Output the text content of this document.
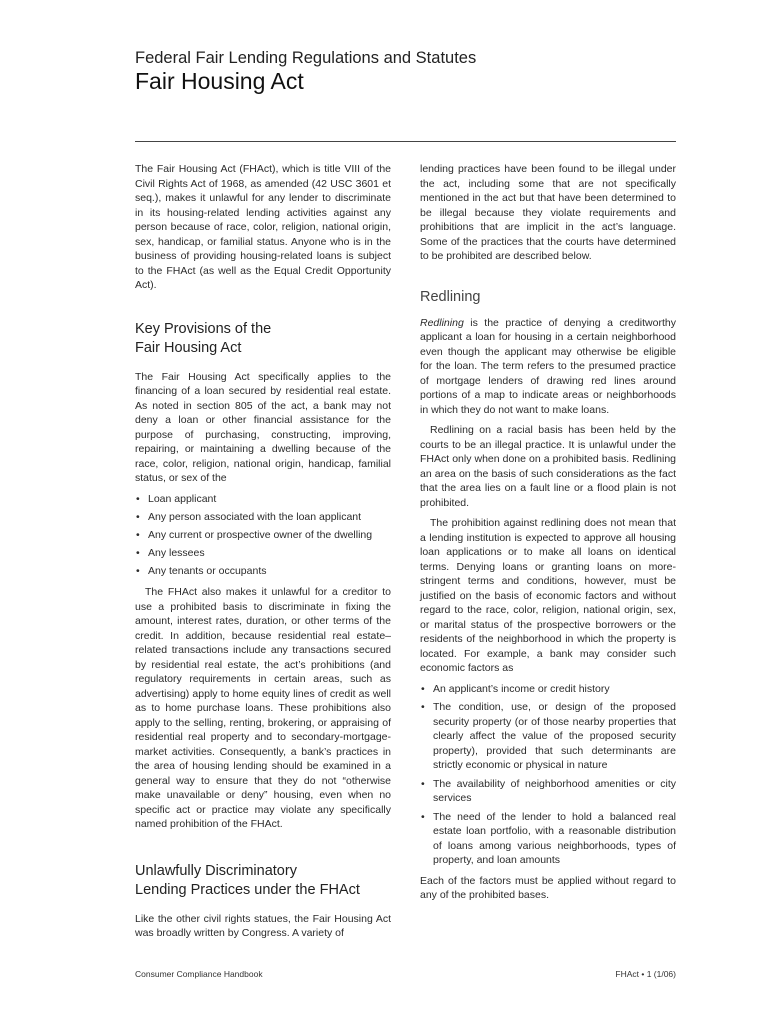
Federal Fair Lending Regulations and Statutes
Fair Housing Act

The Fair Housing Act (FHAct), which is title VIII of the Civil Rights Act of 1968, as amended (42 USC 3601 et seq.), makes it unlawful for any lender to discriminate in its housing-related lending activities against any person because of race, color, religion, national origin, sex, handicap, or familial status. Anyone who is in the business of providing housing-related loans is subject to the FHAct (as well as the Equal Credit Opportunity Act).

Key Provisions of the
Fair Housing Act

The Fair Housing Act specifically applies to the financing of a loan secured by residential real estate. As noted in section 805 of the act, a bank may not deny a loan or other financial assistance for the purpose of purchasing, constructing, improving, repairing, or maintaining a dwelling because of the race, color, religion, national origin, handicap, familial status, or sex of the

• Loan applicant
• Any person associated with the loan applicant
• Any current or prospective owner of the dwelling
• Any lessees
• Any tenants or occupants

The FHAct also makes it unlawful for a creditor to use a prohibited basis to discriminate in fixing the amount, interest rates, duration, or other terms of the credit. In addition, because residential real estate–related transactions include any transactions secured by residential real estate, the act’s prohibitions (and regulatory requirements in certain areas, such as advertising) apply to home equity lines of credit as well as to home purchase loans. These prohibitions also apply to the selling, renting, brokering, or appraising of residential real property and to secondary-mortgage-market activities. Consequently, a bank’s practices in the area of housing lending should be examined in a general way to ensure that they do not “otherwise make unavailable or deny” housing, even when no specific act or practice may violate any specifically named prohibition of the FHAct.

Unlawfully Discriminatory
Lending Practices under the FHAct

Like the other civil rights statues, the Fair Housing Act was broadly written by Congress. A variety of

lending practices have been found to be illegal under the act, including some that are not specifically mentioned in the act but that have been determined to be illegal because they violate requirements and prohibitions that are implicit in the act’s language. Some of the practices that the courts have determined to be prohibited are described below.

Redlining

Redlining is the practice of denying a creditworthy applicant a loan for housing in a certain neighborhood even though the applicant may otherwise be eligible for the loan. The term refers to the presumed practice of mortgage lenders of drawing red lines around portions of a map to indicate areas or neighborhoods in which they do not want to make loans.

Redlining on a racial basis has been held by the courts to be an illegal practice. It is unlawful under the FHAct only when done on a prohibited basis. Redlining an area on the basis of such considerations as the fact that the area lies on a fault line or a flood plain is not prohibited.

The prohibition against redlining does not mean that a lending institution is expected to approve all housing loan applications or to make all loans on identical terms. Denying loans or granting loans on more-stringent terms and conditions, however, must be justified on the basis of economic factors and without regard to the race, color, religion, national origin, sex, or marital status of the prospective borrowers or the residents of the neighborhood in which the property is located. For example, a bank may consider such economic factors as

• An applicant’s income or credit history
• The condition, use, or design of the proposed security property (or of those nearby properties that clearly affect the value of the proposed security property), provided that such determinants are strictly economic or physical in nature
• The availability of neighborhood amenities or city services
• The need of the lender to hold a balanced real estate loan portfolio, with a reasonable distribution of loans among various neighborhoods, types of property, and loan amounts

Each of the factors must be applied without regard to any of the prohibited bases.

Consumer Compliance Handbook	FHAct • 1 (1/06)
